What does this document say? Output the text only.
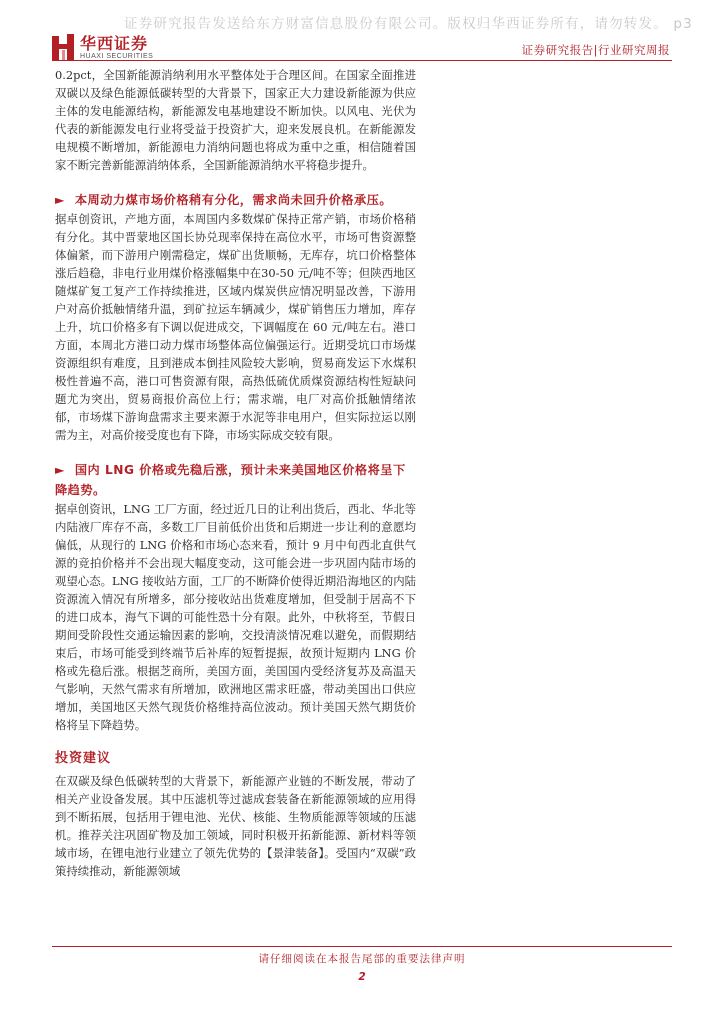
证券研究报告发送给东方财富信息股份有限公司。版权归华西证券所有，请勿转发。 p3
华西证券
HUAXI SECURITIES	证券研究报告|行业研究周报

0.2pct，全国新能源消纳利用水平整体处于合理区间。在国家全面推进双碳以及绿色能源低碳转型的大背景下，国家正大力建设新能源为供应主体的发电能源结构，新能源发电基地建设不断加快。以风电、光伏为代表的新能源发电行业将受益于投资扩大，迎来发展良机。在新能源发电规模不断增加，新能源电力消纳问题也将成为重中之重，相信随着国家不断完善新能源消纳体系，全国新能源消纳水平将稳步提升。

► 本周动力煤市场价格稍有分化，需求尚未回升价格承压。

据卓创资讯，产地方面，本周国内多数煤矿保持正常产销，市场价格稍有分化。其中晋蒙地区国长协兑现率保持在高位水平，市场可售资源整体偏紧，而下游用户刚需稳定，煤矿出货顺畅，无库存，坑口价格整体涨后趋稳，非电行业用煤价格涨幅集中在30-50 元/吨不等；但陕西地区随煤矿复工复产工作持续推进，区域内煤炭供应情况明显改善，下游用户对高价抵触情绪升温，到矿拉运车辆减少，煤矿销售压力增加，库存上升，坑口价格多有下调以促进成交，下调幅度在 60 元/吨左右。港口方面，本周北方港口动力煤市场整体高位偏强运行。近期受坑口市场煤资源组织有难度，且到港成本倒挂风险较大影响，贸易商发运下水煤积极性普遍不高，港口可售资源有限，高热低硫优质煤资源结构性短缺问题尤为突出，贸易商报价高位上行；需求端，电厂对高价抵触情绪浓郁，市场煤下游询盘需求主要来源于水泥等非电用户，但实际拉运以刚需为主，对高价接受度也有下降，市场实际成交较有限。

► 国内 LNG 价格或先稳后涨，预计未来美国地区价格将呈下降趋势。

据卓创资讯，LNG 工厂方面，经过近几日的让利出货后，西北、华北等内陆液厂库存不高，多数工厂目前低价出货和后期进一步让利的意愿均偏低，从现行的 LNG 价格和市场心态来看，预计 9 月中旬西北直供气源的竞拍价格并不会出现大幅度变动，这可能会进一步巩固内陆市场的观望心态。LNG 接收站方面，工厂的不断降价使得近期沿海地区的内陆资源流入情况有所增多，部分接收站出货难度增加，但受制于居高不下的进口成本，海气下调的可能性恐十分有限。此外，中秋将至，节假日期间受阶段性交通运输因素的影响，交投清淡情况难以避免，而假期结束后，市场可能受到终端节后补库的短暂提振，故预计短期内 LNG 价格或先稳后涨。根据芝商所，美国方面，美国国内受经济复苏及高温天气影响，天然气需求有所增加，欧洲地区需求旺盛，带动美国出口供应增加，美国地区天然气现货价格维持高位波动。预计美国天然气期货价格将呈下降趋势。

投资建议

在双碳及绿色低碳转型的大背景下，新能源产业链的不断发展，带动了相关产业设备发展。其中压滤机等过滤成套装备在新能源领域的应用得到不断拓展，包括用于锂电池、光伏、核能、生物质能源等领域的压滤机。推荐关注巩固矿物及加工领域，同时积极开拓新能源、新材料等领域市场，在锂电池行业建立了领先优势的【景津装备】。受国内“双碳”政策持续推动，新能源领域

请仔细阅读在本报告尾部的重要法律声明
2
